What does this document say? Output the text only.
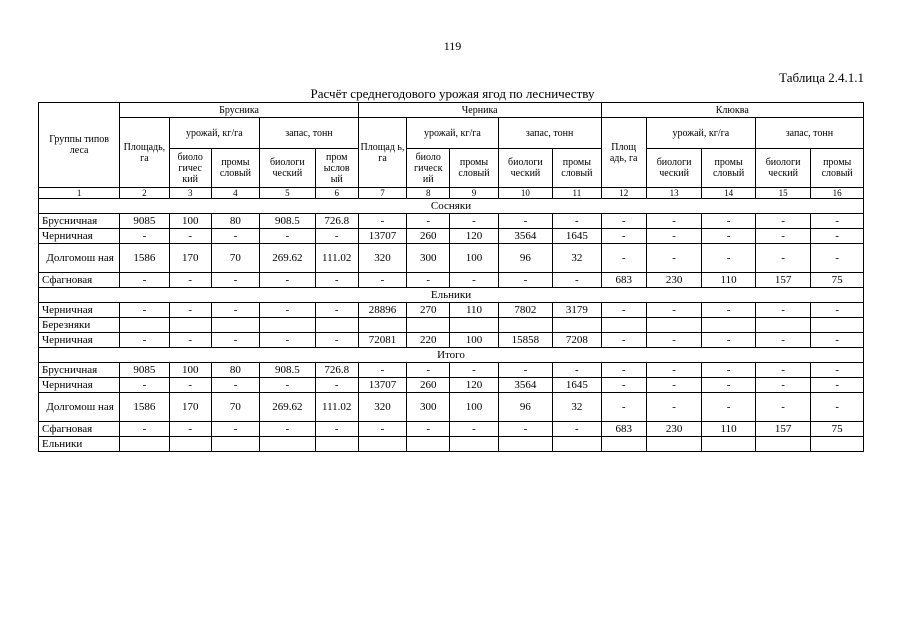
119
Таблица 2.4.1.1
Расчёт среднегодового урожая ягод по лесничеству
Группы типов леса	Брусника					Черника					Клюква				
	Площадь, га	урожай, кг/га		запас, тонн		Площад ь, га	урожай, кг/га		запас, тонн		Площ адь, га	урожай, кг/га		запас, тонн	
		биоло гичес кий	промы словый	биологи ческий	пром ыслов ый		биоло гическ ий	промы словый	биологи ческий	промы словый		биологи ческий	промы словый	биологи ческий	промы словый
1	2	3	4	5	6	7	8	9	10	11	12	13	14	15	16
Сосняки															
Брусничная	9085	100	80	908.5	726.8	-	-	-	-	-	-	-	-	-	-
Черничная	-	-	-	-	-	13707	260	120	3564	1645	-	-	-	-	-
Долгомош ная	1586	170	70	269.62	111.02	320	300	100	96	32	-	-	-	-	-
Сфагновая	-	-	-	-	-	-	-	-	-	-	683	230	110	157	75
Ельники															
Черничная	-	-	-	-	-	28896	270	110	7802	3179	-	-	-	-	-
Березняки															
Черничная	-	-	-	-	-	72081	220	100	15858	7208	-	-	-	-	-
Итого															
Брусничная	9085	100	80	908.5	726.8	-	-	-	-	-	-	-	-	-	-
Черничная	-	-	-	-	-	13707	260	120	3564	1645	-	-	-	-	-
Долгомош ная	1586	170	70	269.62	111.02	320	300	100	96	32	-	-	-	-	-
Сфагновая	-	-	-	-	-	-	-	-	-	-	683	230	110	157	75
Ельники															
